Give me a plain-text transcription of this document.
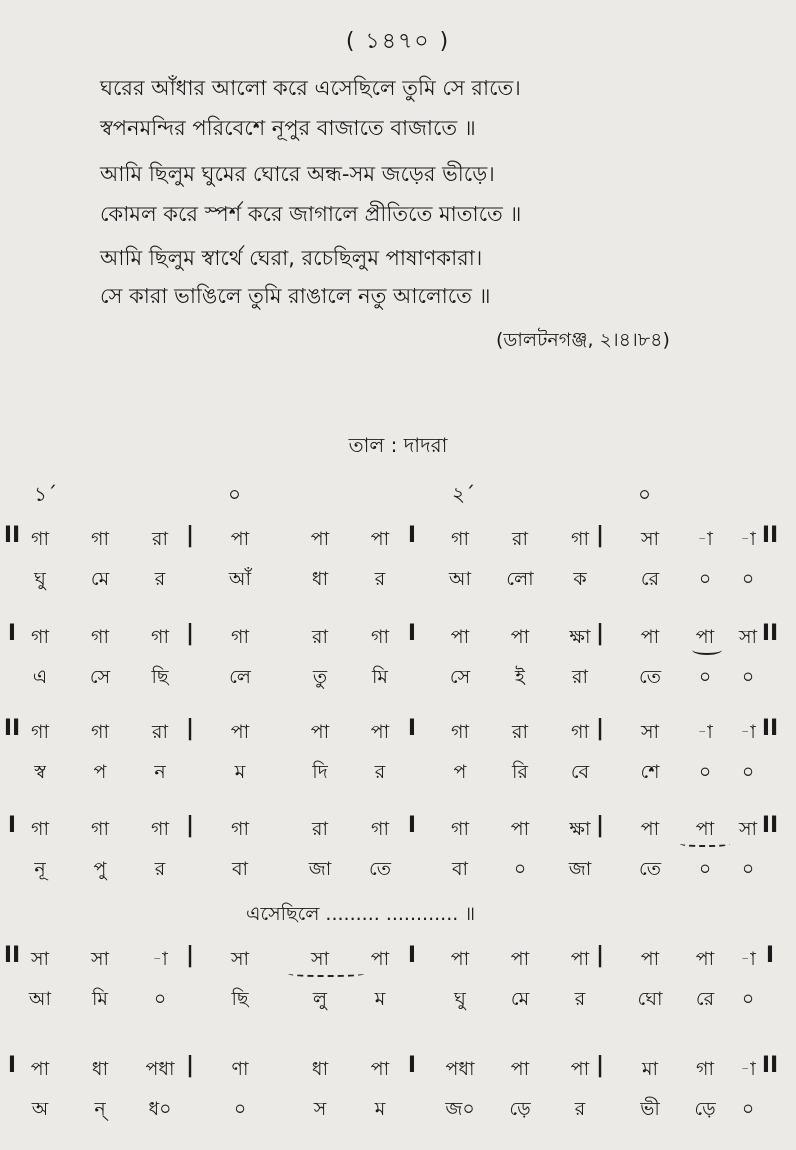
( ১৪৭০ )
ঘরের আঁধার আলো করে এসেছিলে তুমি সে রাতে।
স্বপনমন্দির পরিবেশে নূপুর বাজাতে বাজাতে ॥
আমি ছিলুম ঘুমের ঘোরে অন্ধ-সম জড়ের ভীড়ে।
কোমল করে স্পর্শ করে জাগালে প্রীতিতে মাতাতে ॥
আমি ছিলুম স্বার্থে ঘেরা, রচেছিলুম পাষাণকারা।
সে কারা ভাঙিলে তুমি রাঙালে নতু আলোতে ॥
(ডালটনগঞ্জ, ২।৪।৮৪)
তাল : দাদরা
১´	০	২´	০
II	|	I	|	II
গা গা রা	পা	পা পা	গা রা গা	সা -া -া
ঘু মে র	আঁ	ধা র	আ লো ক	রে ০ ০
I	|	I	|	II
গা গা গা	গা	রা গা	পা পা ক্ষা	পা পা সা
এ সে ছি	লে	তু মি	সে ই রা	তে ০ ০
II	|	I	|	II
গা গা রা	পা	পা পা	গা রা গা	সা -া -া
স্ব	প	ন	ম	দি র	প রি বে	শে ০ ০
I	|	I	|	II
গা গা গা	গা	রা গা	গা পা ক্ষা	পা পা সা
নূ	পু	র	বা	জা তে	বা ০ জা	তে ০ ০
II	|	I	|	I
সা সা -া	সা	সা পা	পা পা পা	পা পা -া
আ মি ০	ছি	লু	ম	ঘু মে র	ঘো রে ০
I	|	I	|	II
পা ধা পধা	ণা	ধা পা	পধা পা পা	মা গা -া
অ ন্ ধ০	০	স	ম	জ০ ড়ে র	ভী ড়ে ০
এসেছিলে ......... ............ ॥
